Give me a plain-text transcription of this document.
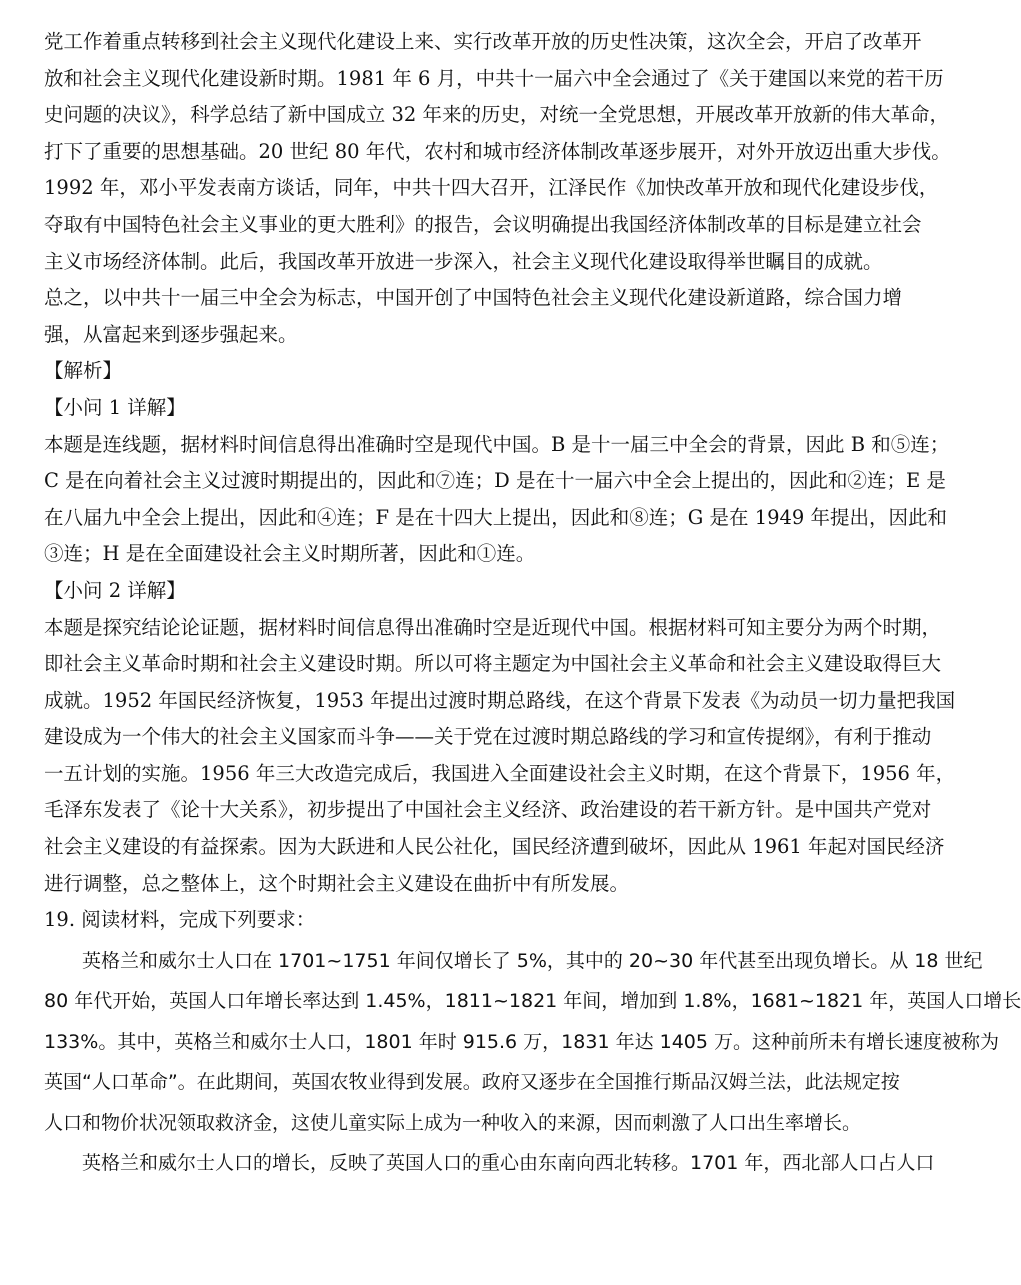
党工作着重点转移到社会主义现代化建设上来、实行改革开放的历史性决策，这次全会，开启了改革开
放和社会主义现代化建设新时期。1981 年 6 月，中共十一届六中全会通过了《关于建国以来党的若干历
史问题的决议》，科学总结了新中国成立 32 年来的历史，对统一全党思想，开展改革开放新的伟大革命，
打下了重要的思想基础。20 世纪 80 年代，农村和城市经济体制改革逐步展开，对外开放迈出重大步伐。
1992 年，邓小平发表南方谈话，同年，中共十四大召开，江泽民作《加快改革开放和现代化建设步伐，
夺取有中国特色社会主义事业的更大胜利》的报告，会议明确提出我国经济体制改革的目标是建立社会
主义市场经济体制。此后，我国改革开放进一步深入，社会主义现代化建设取得举世瞩目的成就。
总之，以中共十一届三中全会为标志，中国开创了中国特色社会主义现代化建设新道路，综合国力增
强，从富起来到逐步强起来。
【解析】
【小问 1 详解】
本题是连线题，据材料时间信息得出准确时空是现代中国。B 是十一届三中全会的背景，因此 B 和⑤连；
C 是在向着社会主义过渡时期提出的，因此和⑦连；D 是在十一届六中全会上提出的，因此和②连；E 是
在八届九中全会上提出，因此和④连；F 是在十四大上提出，因此和⑧连；G 是在 1949 年提出，因此和
③连；H 是在全面建设社会主义时期所著，因此和①连。
【小问 2 详解】
本题是探究结论论证题，据材料时间信息得出准确时空是近现代中国。根据材料可知主要分为两个时期，
即社会主义革命时期和社会主义建设时期。所以可将主题定为中国社会主义革命和社会主义建设取得巨大
成就。1952 年国民经济恢复，1953 年提出过渡时期总路线，在这个背景下发表《为动员一切力量把我国
建设成为一个伟大的社会主义国家而斗争——关于党在过渡时期总路线的学习和宣传提纲》，有利于推动
一五计划的实施。1956 年三大改造完成后，我国进入全面建设社会主义时期，在这个背景下，1956 年，
毛泽东发表了《论十大关系》，初步提出了中国社会主义经济、政治建设的若干新方针。是中国共产党对
社会主义建设的有益探索。因为大跃进和人民公社化，国民经济遭到破坏，因此从 1961 年起对国民经济
进行调整，总之整体上，这个时期社会主义建设在曲折中有所发展。
19. 阅读材料，完成下列要求：
英格兰和威尔士人口在 1701~1751 年间仅增长了 5%，其中的 20~30 年代甚至出现负增长。从 18 世纪
80 年代开始，英国人口年增长率达到 1.45%，1811~1821 年间，增加到 1.8%，1681~1821 年，英国人口增长
133%。其中，英格兰和威尔士人口，1801 年时 915.6 万，1831 年达 1405 万。这种前所未有增长速度被称为
英国“人口革命”。在此期间，英国农牧业得到发展。政府又逐步在全国推行斯品汉姆兰法，此法规定按
人口和物价状况领取救济金，这使儿童实际上成为一种收入的来源，因而刺激了人口出生率增长。
英格兰和威尔士人口的增长，反映了英国人口的重心由东南向西北转移。1701 年，西北部人口占人口
